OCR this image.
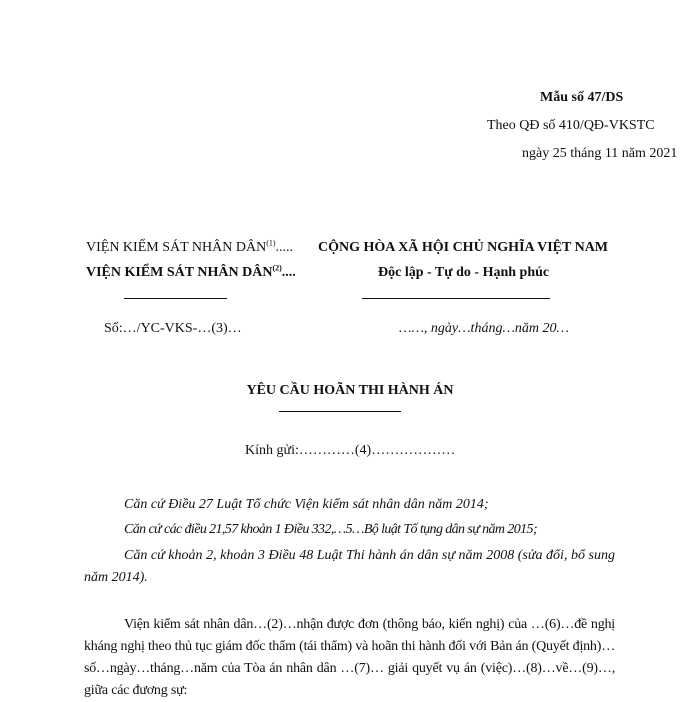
Mẫu số 47/DS
Theo QĐ số 410/QĐ-VKSTC
ngày 25 tháng 11 năm 2021
VIỆN KIỂM SÁT NHÂN DÂN$^{(1)}$.....
VIỆN KIỂM SÁT NHÂN DÂN$^{(2)}$....
Số:…/YC-VKS-…(3)…
CỘNG HÒA XÃ HỘI CHỦ NGHĨA VIỆT NAM
Độc lập - Tự do - Hạnh phúc
……, ngày…tháng…năm 20…
YÊU CẦU HOÃN THI HÀNH ÁN
Kính gửi:…………(4)………………
Căn cứ Điều 27 Luật Tổ chức Viện kiểm sát nhân dân năm 2014;
Căn cứ các điều 21,57 khoản 1 Điều 332,…5…Bộ luật Tố tụng dân sự năm 2015;
Căn cứ khoản 2, khoản 3 Điều 48 Luật Thi hành án dân sự năm 2008 (sửa đổi, bổ sung năm 2014).
Viện kiểm sát nhân dân…(2)…nhận được đơn (thông báo, kiến nghị) của …(6)…đề nghị kháng nghị theo thủ tục giám đốc thẩm (tái thẩm) và hoãn thi hành đối với Bản án (Quyết định)… số…ngày…tháng…năm của Tòa án nhân dân …(7)… giải quyết vụ án (việc)…(8)…về…(9)…, giữa các đương sự:
